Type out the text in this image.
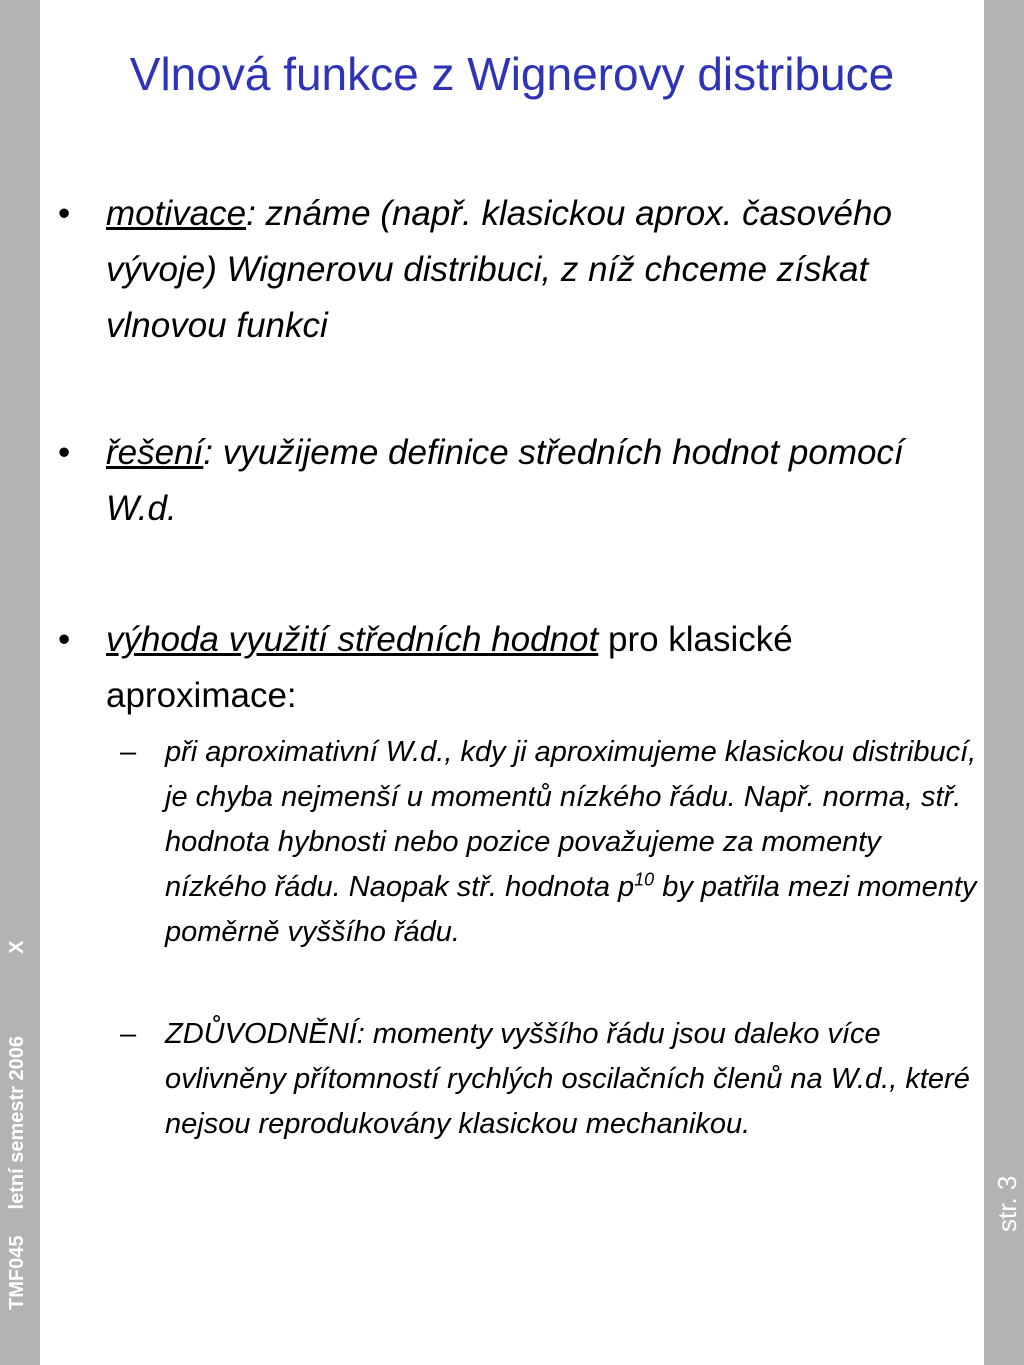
TMF045 letní semestr 2006 X
str. 3
Vlnová funkce z Wignerovy distribuce
• motivace: známe (např. klasickou aprox. časového vývoje) Wignerovu distribuci, z níž chceme získat vlnovou funkci
• řešení: využijeme definice středních hodnot pomocí W.d.
• výhoda využití středních hodnot pro klasické aproximace:
– při aproximativní W.d., kdy ji aproximujeme klasickou distribucí, je chyba nejmenší u momentů nízkého řádu. Např. norma, stř. hodnota hybnosti nebo pozice považujeme za momenty nízkého řádu. Naopak stř. hodnota $p^{10}$ by patřila mezi momenty poměrně vyššího řádu.
– ZDŮVODNĚNÍ: momenty vyššího řádu jsou daleko více ovlivněny přítomností rychlých oscilačních členů na W.d., které nejsou reprodukovány klasickou mechanikou.
